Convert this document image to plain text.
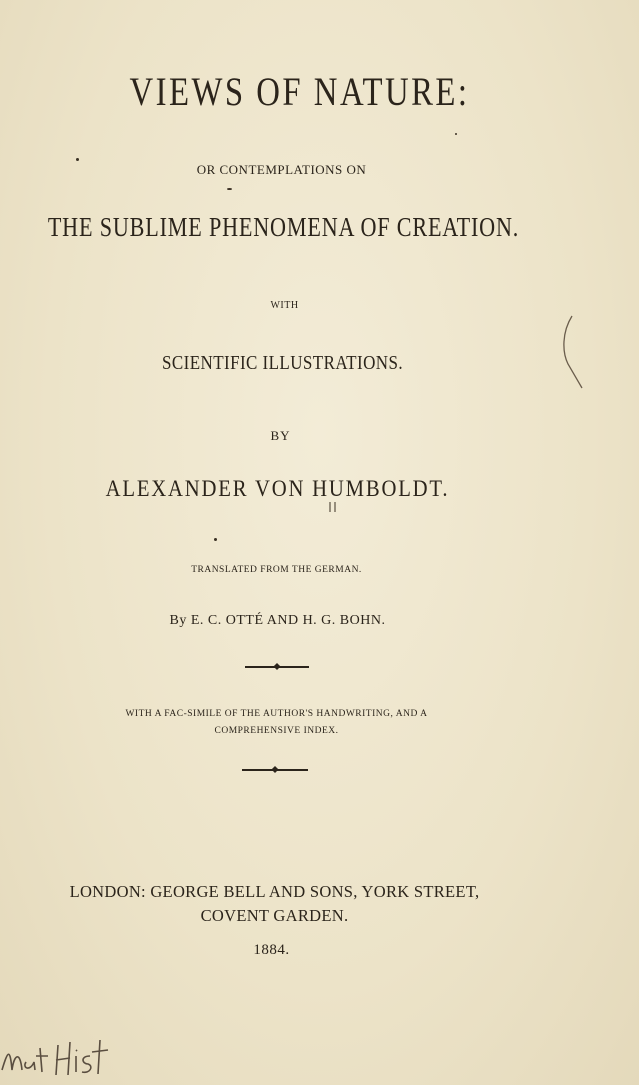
VIEWS OF NATURE:
OR CONTEMPLATIONS ON
THE SUBLIME PHENOMENA OF CREATION.
WITH
SCIENTIFIC ILLUSTRATIONS.
BY
ALEXANDER VON HUMBOLDT.
TRANSLATED FROM THE GERMAN.
By E. C. OTTÉ AND H. G. BOHN.
WITH A FAC-SIMILE OF THE AUTHOR'S HANDWRITING, AND A
COMPREHENSIVE INDEX.
LONDON: GEORGE BELL AND SONS, YORK STREET,
COVENT GARDEN.
1884.
